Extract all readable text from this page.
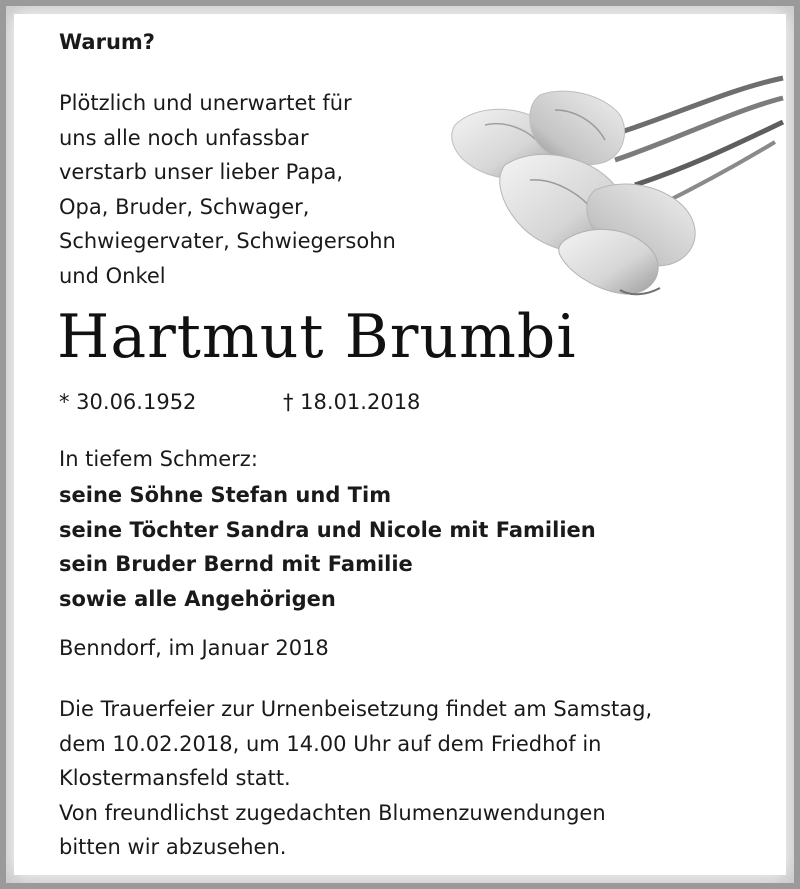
Warum?
Plötzlich und unerwartet für
uns alle noch unfassbar
verstarb unser lieber Papa,
Opa, Bruder, Schwager,
Schwiegervater, Schwiegersohn
und Onkel
Hartmut Brumbi
* 30.06.1952	† 18.01.2018
In tiefem Schmerz:
seine Söhne Stefan und Tim
seine Töchter Sandra und Nicole mit Familien
sein Bruder Bernd mit Familie
sowie alle Angehörigen
Benndorf, im Januar 2018
Die Trauerfeier zur Urnenbeisetzung findet am Samstag,
dem 10.02.2018, um 14.00 Uhr auf dem Friedhof in
Klostermansfeld statt.
Von freundlichst zugedachten Blumenzuwendungen
bitten wir abzusehen.
